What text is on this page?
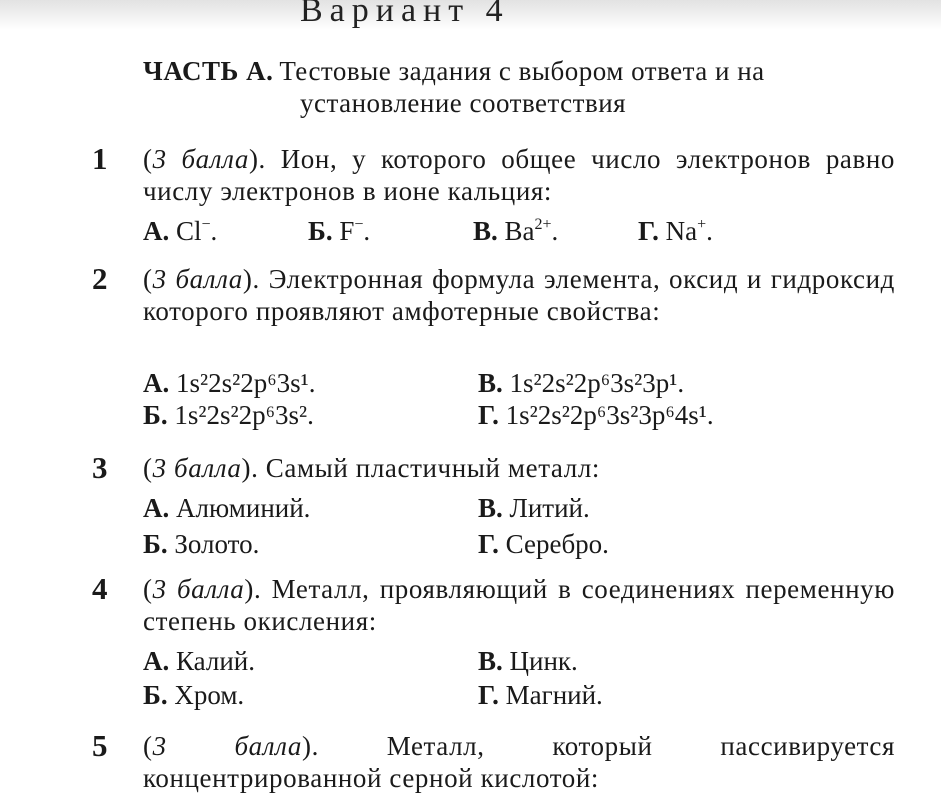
Вариант 4
ЧАСТЬ А. Тестовые задания с выбором ответа и на
установление соответствия
1 (3 балла). Ион, у которого общее число электронов равно числу электронов в ионе кальция:
А. Cl−.	Б. F−.	В. $Ba^{2+}$.	Г. Na+.
2 (3 балла). Электронная формула элемента, оксид и гидроксид которого проявляют амфотерные свойства:
А. 1s²2s²2p⁶3s¹.	В. 1s²2s²2p⁶3s²3p¹.
Б. 1s²2s²2p⁶3s².	Г. 1s²2s²2p⁶3s²3p⁶4s¹.
3 (3 балла). Самый пластичный металл:
А. Алюминий.	В. Литий.
Б. Золото.	Г. Серебро.
4 (3 балла). Металл, проявляющий в соединениях переменную степень окисления:
А. Калий.	В. Цинк.
Б. Хром.	Г. Магний.
5 (3 балла). Металл, который пассивируется концентрированной серной кислотой:
